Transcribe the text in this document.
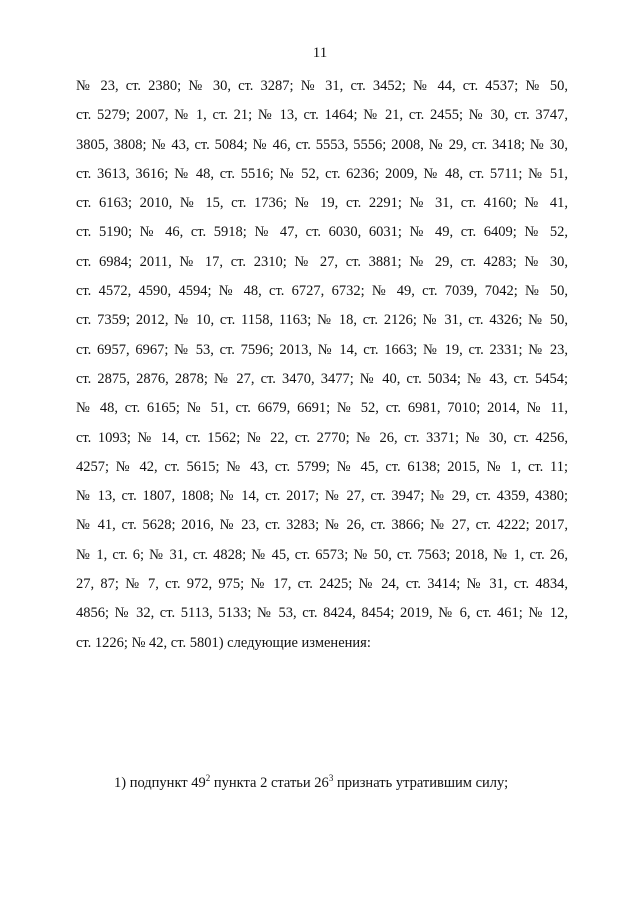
11
№ 23, ст. 2380; № 30, ст. 3287; № 31, ст. 3452; № 44, ст. 4537; № 50,
ст. 5279; 2007, № 1, ст. 21; № 13, ст. 1464; № 21, ст. 2455; № 30, ст. 3747,
3805, 3808; № 43, ст. 5084; № 46, ст. 5553, 5556; 2008, № 29, ст. 3418; № 30,
ст. 3613, 3616; № 48, ст. 5516; № 52, ст. 6236; 2009, № 48, ст. 5711; № 51,
ст. 6163; 2010, № 15, ст. 1736; № 19, ст. 2291; № 31, ст. 4160; № 41,
ст. 5190; № 46, ст. 5918; № 47, ст. 6030, 6031; № 49, ст. 6409; № 52,
ст. 6984; 2011, № 17, ст. 2310; № 27, ст. 3881; № 29, ст. 4283; № 30,
ст. 4572, 4590, 4594; № 48, ст. 6727, 6732; № 49, ст. 7039, 7042; № 50,
ст. 7359; 2012, № 10, ст. 1158, 1163; № 18, ст. 2126; № 31, ст. 4326; № 50,
ст. 6957, 6967; № 53, ст. 7596; 2013, № 14, ст. 1663; № 19, ст. 2331; № 23,
ст. 2875, 2876, 2878; № 27, ст. 3470, 3477; № 40, ст. 5034; № 43, ст. 5454;
№ 48, ст. 6165; № 51, ст. 6679, 6691; № 52, ст. 6981, 7010; 2014, № 11,
ст. 1093; № 14, ст. 1562; № 22, ст. 2770; № 26, ст. 3371; № 30, ст. 4256,
4257; № 42, ст. 5615; № 43, ст. 5799; № 45, ст. 6138; 2015, № 1, ст. 11;
№ 13, ст. 1807, 1808; № 14, ст. 2017; № 27, ст. 3947; № 29, ст. 4359, 4380;
№ 41, ст. 5628; 2016, № 23, ст. 3283; № 26, ст. 3866; № 27, ст. 4222; 2017,
№ 1, ст. 6; № 31, ст. 4828; № 45, ст. 6573; № 50, ст. 7563; 2018, № 1, ст. 26,
27, 87; № 7, ст. 972, 975; № 17, ст. 2425; № 24, ст. 3414; № 31, ст. 4834,
4856; № 32, ст. 5113, 5133; № 53, ст. 8424, 8454; 2019, № 6, ст. 461; № 12,
ст. 1226; № 42, ст. 5801) следующие изменения:
1) подпункт $49^2$ пункта 2 статьи $26^3$ признать утратившим силу;
